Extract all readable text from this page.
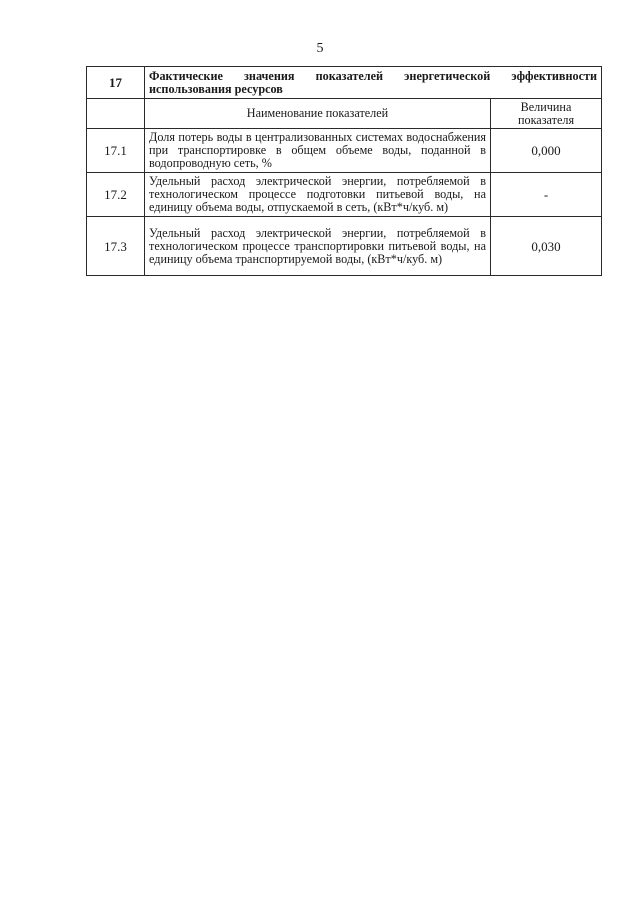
5
17	Фактические значения показателей энергетической эффективности использования ресурсов	
	Наименование показателей	Величина показателя
17.1	Доля потерь воды в централизованных системах водоснабжения при транспортировке в общем объеме воды, поданной в водопроводную сеть, %	0,000
17.2	Удельный расход электрической энергии, потребляемой в технологическом процессе подготовки питьевой воды, на единицу объема воды, отпускаемой в сеть, (кВт*ч/куб. м)	-
17.3	Удельный расход электрической энергии, потребляемой в технологическом процессе транспортировки питьевой воды, на единицу объема транспортируемой воды, (кВт*ч/куб. м)	0,030
